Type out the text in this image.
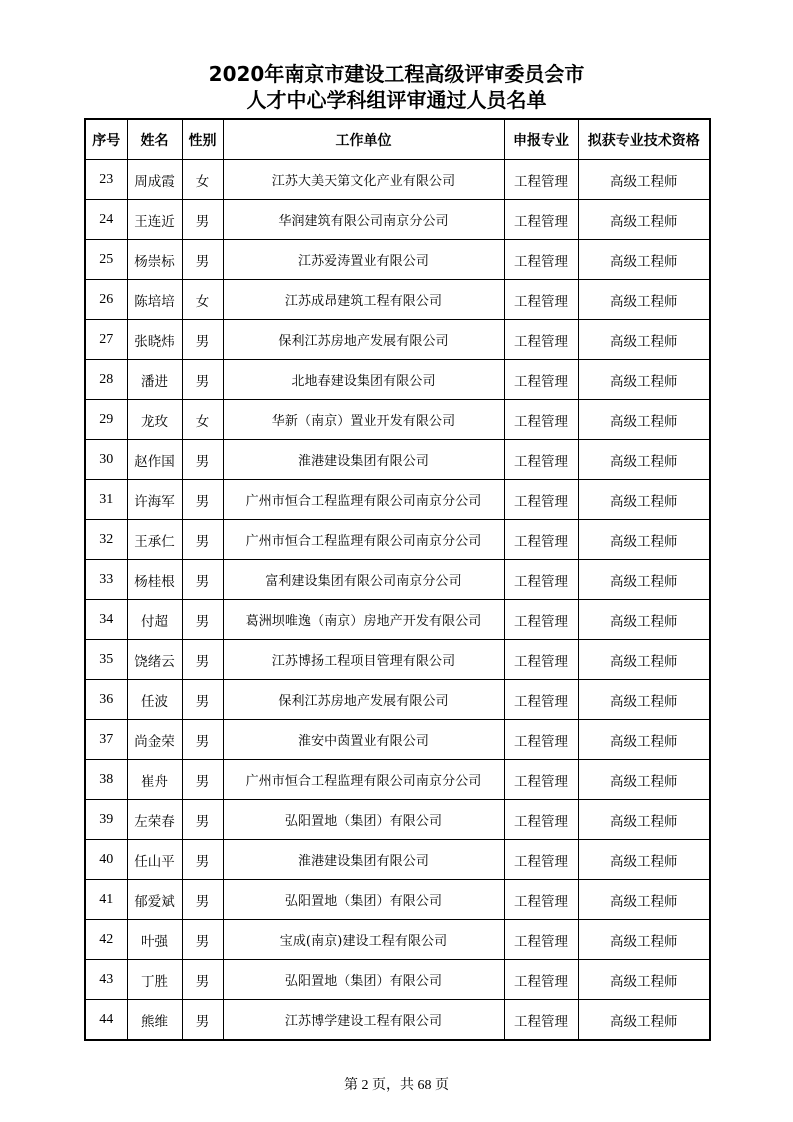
2020年南京市建设工程高级评审委员会市
人才中心学科组评审通过人员名单
序号	姓名	性别	工作单位	申报专业	拟获专业技术资格
23	周成霞	女	江苏大美天第文化产业有限公司	工程管理	高级工程师
24	王连近	男	华润建筑有限公司南京分公司	工程管理	高级工程师
25	杨崇标	男	江苏爱涛置业有限公司	工程管理	高级工程师
26	陈培培	女	江苏成昂建筑工程有限公司	工程管理	高级工程师
27	张晓炜	男	保利江苏房地产发展有限公司	工程管理	高级工程师
28	潘进	男	北地春建设集团有限公司	工程管理	高级工程师
29	龙玫	女	华新（南京）置业开发有限公司	工程管理	高级工程师
30	赵作国	男	淮港建设集团有限公司	工程管理	高级工程师
31	许海军	男	广州市恒合工程监理有限公司南京分公司	工程管理	高级工程师
32	王承仁	男	广州市恒合工程监理有限公司南京分公司	工程管理	高级工程师
33	杨桂根	男	富利建设集团有限公司南京分公司	工程管理	高级工程师
34	付超	男	葛洲坝唯逸（南京）房地产开发有限公司	工程管理	高级工程师
35	饶绪云	男	江苏博扬工程项目管理有限公司	工程管理	高级工程师
36	任波	男	保利江苏房地产发展有限公司	工程管理	高级工程师
37	尚金荣	男	淮安中茵置业有限公司	工程管理	高级工程师
38	崔舟	男	广州市恒合工程监理有限公司南京分公司	工程管理	高级工程师
39	左荣春	男	弘阳置地（集团）有限公司	工程管理	高级工程师
40	任山平	男	淮港建设集团有限公司	工程管理	高级工程师
41	郁爱斌	男	弘阳置地（集团）有限公司	工程管理	高级工程师
42	叶强	男	宝成(南京)建设工程有限公司	工程管理	高级工程师
43	丁胜	男	弘阳置地（集团）有限公司	工程管理	高级工程师
44	熊维	男	江苏博学建设工程有限公司	工程管理	高级工程师
第 2 页，共 68 页
